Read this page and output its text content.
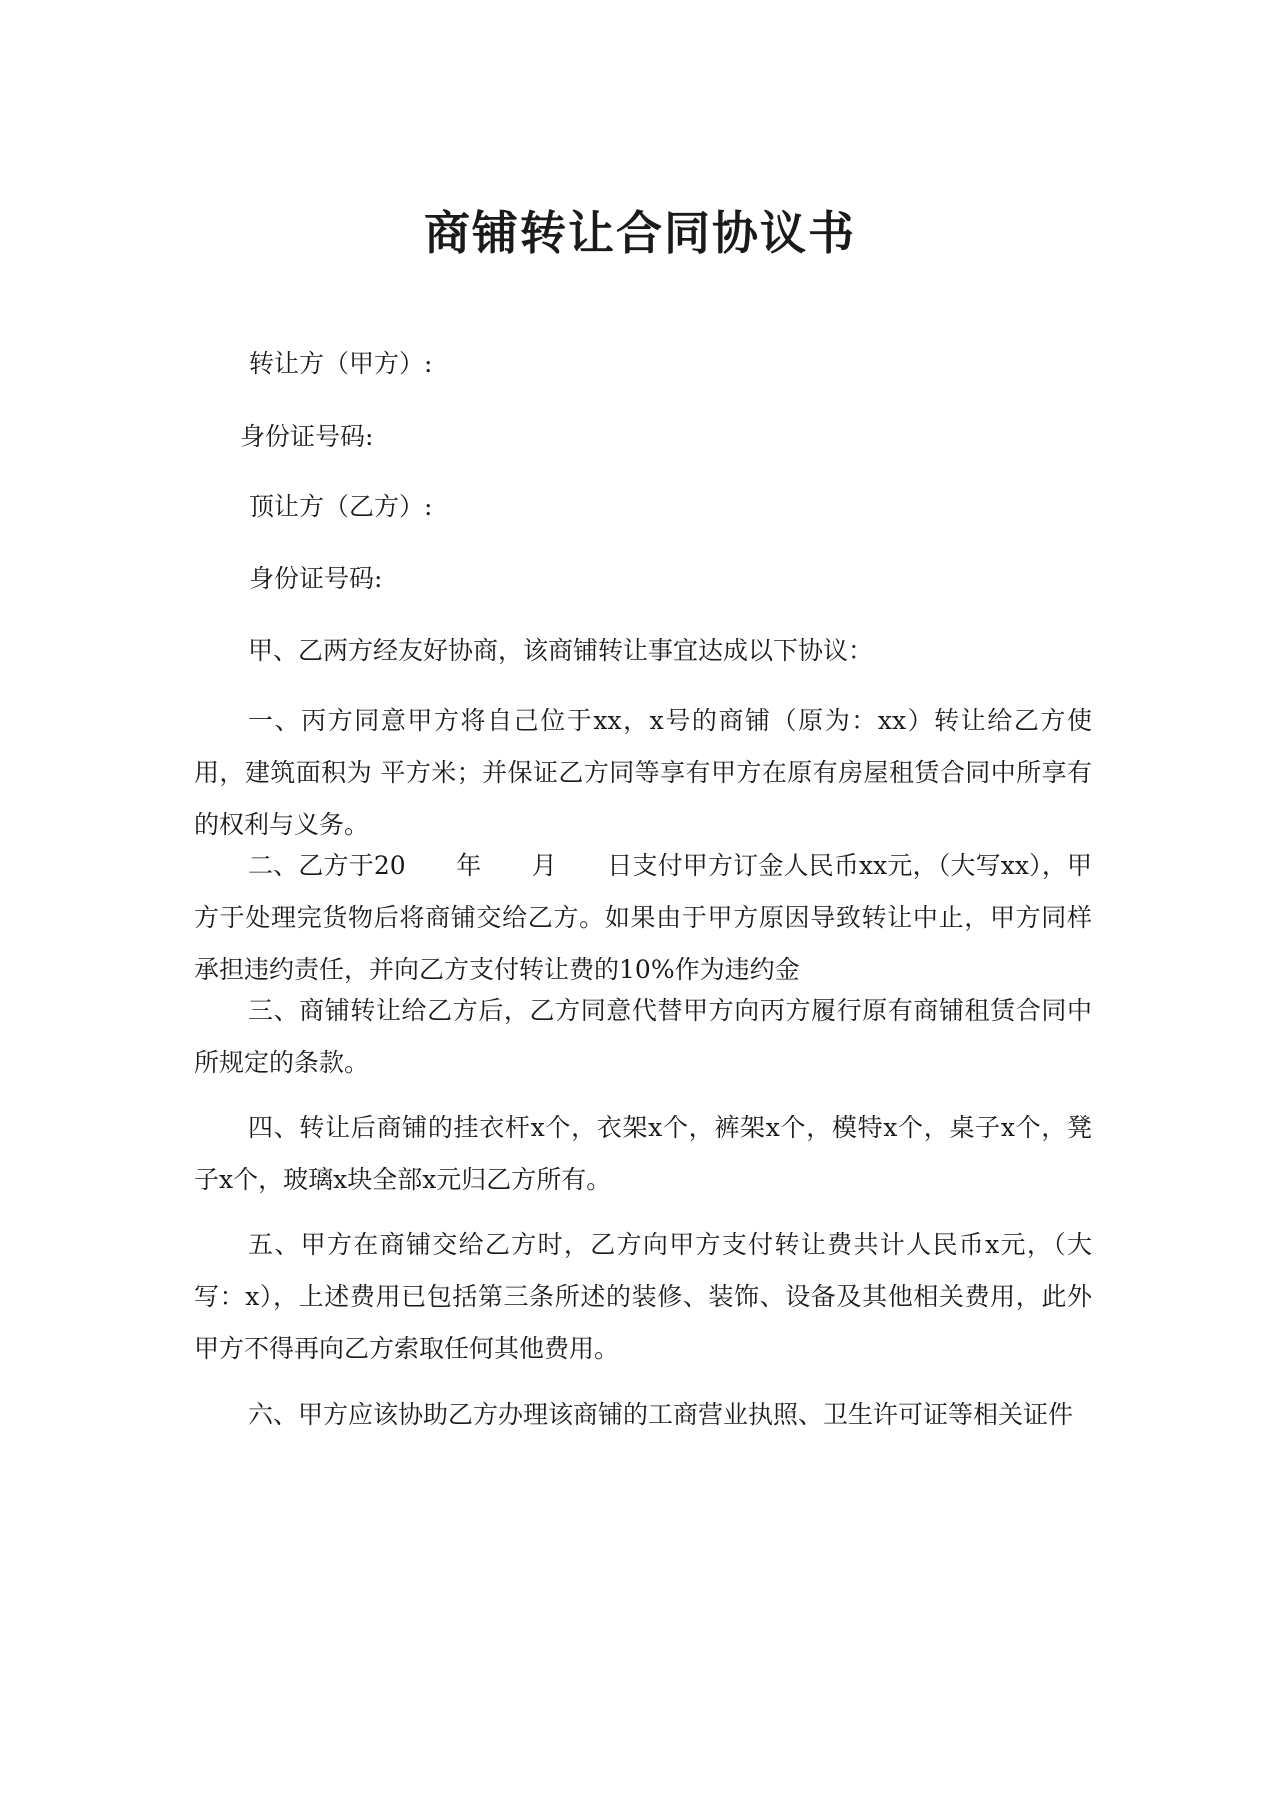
商铺转让合同协议书
转让方（甲方）:
身份证号码:
顶让方（乙方）:
身份证号码:
甲、乙两方经友好协商，该商铺转让事宜达成以下协议：
一、丙方同意甲方将自己位于xx，x号的商铺（原为：xx）转让给乙方使用，建筑面积为 平方米；并保证乙方同等享有甲方在原有房屋租赁合同中所享有的权利与义务。
二、乙方于20　　年　　月　　日支付甲方订金人民币xx元，（大写xx），甲方于处理完货物后将商铺交给乙方。如果由于甲方原因导致转让中止，甲方同样承担违约责任，并向乙方支付转让费的10%作为违约金
三、商铺转让给乙方后，乙方同意代替甲方向丙方履行原有商铺租赁合同中所规定的条款。
四、转让后商铺的挂衣杆x个，衣架x个，裤架x个，模特x个，桌子x个，凳子x个，玻璃x块全部x元归乙方所有。
五、甲方在商铺交给乙方时，乙方向甲方支付转让费共计人民币x元，（大写：x），上述费用已包括第三条所述的装修、装饰、设备及其他相关费用，此外甲方不得再向乙方索取任何其他费用。
六、甲方应该协助乙方办理该商铺的工商营业执照、卫生许可证等相关证件
